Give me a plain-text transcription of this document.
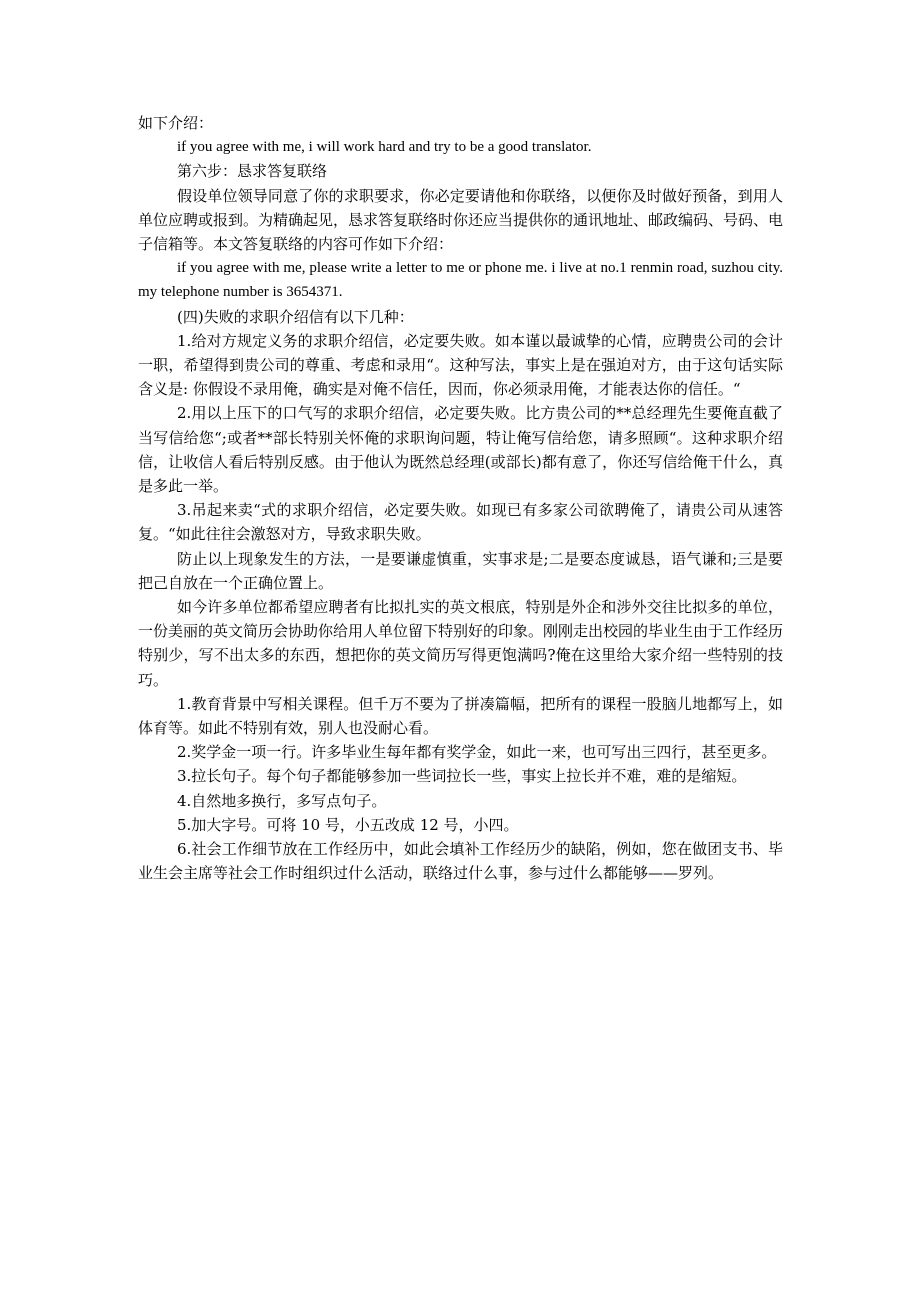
如下介绍：

if you agree with me, i will work hard and try to be a good translator.

第六步：恳求答复联络

假设单位领导同意了你的求职要求，你必定要请他和你联络，以便你及时做好预备，到用人单位应聘或报到。为精确起见，恳求答复联络时你还应当提供你的通讯地址、邮政编码、号码、电子信箱等。本文答复联络的内容可作如下介绍：

if you agree with me, please write a letter to me or phone me. i live at no.1 renmin road, suzhou city. my telephone number is 3654371.

(四)失败的求职介绍信有以下几种：

1.给对方规定义务的求职介绍信，必定要失败。如本谨以最诚挚的心情，应聘贵公司的会计一职，希望得到贵公司的尊重、考虑和录用“。这种写法，事实上是在强迫对方，由于这句话实际含义是: 你假设不录用俺，确实是对俺不信任，因而，你必须录用俺，才能表达你的信任。“

2.用以上压下的口气写的求职介绍信，必定要失败。比方贵公司的**总经理先生要俺直截了当写信给您“;或者**部长特别关怀俺的求职询问题，特让俺写信给您，请多照顾“。这种求职介绍信，让收信人看后特别反感。由于他认为既然总经理(或部长)都有意了，你还写信给俺干什么，真是多此一举。

3.吊起来卖“式的求职介绍信，必定要失败。如现已有多家公司欲聘俺了，请贵公司从速答复。“如此往往会激怒对方，导致求职失败。

防止以上现象发生的方法，一是要谦虚慎重，实事求是;二是要态度诚恳，语气谦和;三是要把己自放在一个正确位置上。

如今许多单位都希望应聘者有比拟扎实的英文根底，特别是外企和涉外交往比拟多的单位，一份美丽的英文简历会协助你给用人单位留下特别好的印象。刚刚走出校园的毕业生由于工作经历特别少，写不出太多的东西，想把你的英文简历写得更饱满吗?俺在这里给大家介绍一些特别的技巧。

1.教育背景中写相关课程。但千万不要为了拼凑篇幅，把所有的课程一股脑儿地都写上，如体育等。如此不特别有效，别人也没耐心看。

2.奖学金一项一行。许多毕业生每年都有奖学金，如此一来，也可写出三四行，甚至更多。

3.拉长句子。每个句子都能够参加一些词拉长一些，事实上拉长并不难，难的是缩短。

4.自然地多换行，多写点句子。

5.加大字号。可将 10 号，小五改成 12 号，小四。

6.社会工作细节放在工作经历中，如此会填补工作经历少的缺陷，例如，您在做团支书、毕业生会主席等社会工作时组织过什么活动，联络过什么事，参与过什么都能够——罗列。
